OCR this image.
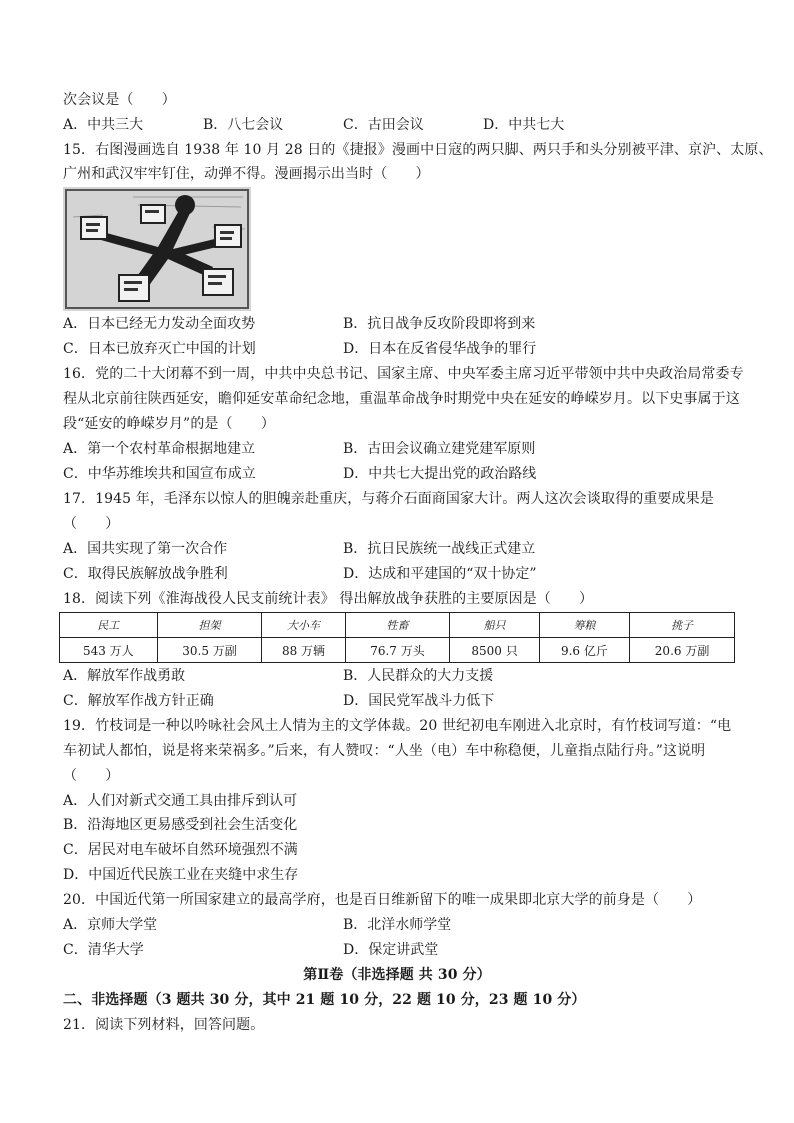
次会议是（　　）
A．中共三大	B．八七会议	C．古田会议	D．中共七大
15．右图漫画选自 1938 年 10 月 28 日的《捷报》漫画中日寇的两只脚、两只手和头分别被平津、京沪、太原、
广州和武汉牢牢钉住，动弹不得。漫画揭示出当时（　　）
A．日本已经无力发动全面攻势	B．抗日战争反攻阶段即将到来
C．日本已放弃灭亡中国的计划	D．日本在反省侵华战争的罪行
16．党的二十大闭幕不到一周，中共中央总书记、国家主席、中央军委主席习近平带领中共中央政治局常委专
程从北京前往陕西延安，瞻仰延安革命纪念地，重温革命战争时期党中央在延安的峥嵘岁月。以下史事属于这
段“延安的峥嵘岁月”的是（　　）
A．第一个农村革命根据地建立	B．古田会议确立建党建军原则
C．中华苏维埃共和国宣布成立	D．中共七大提出党的政治路线
17．1945 年，毛泽东以惊人的胆魄亲赴重庆，与蒋介石面商国家大计。两人这次会谈取得的重要成果是
（　　）
A．国共实现了第一次合作	B．抗日民族统一战线正式建立
C．取得民族解放战争胜利	D．达成和平建国的“双十协定”
18．阅读下列《淮海战役人民支前统计表》 得出解放战争获胜的主要原因是（　　）
民工	担架	大小车	牲畜	船只	筹粮	挑子
543 万人	30.5 万副	88 万辆	76.7 万头	8500 只	9.6 亿斤	20.6 万副
A．解放军作战勇敢	B．人民群众的大力支援
C．解放军作战方针正确	D．国民党军战斗力低下
19．竹枝词是一种以吟咏社会风土人情为主的文学体裁。20 世纪初电车刚进入北京时，有竹枝词写道：“电
车初试人都怕，说是将来荣祸多。”后来，有人赞叹：“人坐（电）车中称稳便，儿童指点陆行舟。”这说明
（　　）
A．人们对新式交通工具由排斥到认可
B．沿海地区更易感受到社会生活变化
C．居民对电车破坏自然环境强烈不满
D．中国近代民族工业在夹缝中求生存
20．中国近代第一所国家建立的最高学府，也是百日维新留下的唯一成果即北京大学的前身是（　　）
A．京师大学堂	B．北洋水师学堂
C．清华大学	D．保定讲武堂
第Ⅱ卷（非选择题 共 30 分）
二、非选择题（3 题共 30 分，其中 21 题 10 分，22 题 10 分，23 题 10 分）
21．阅读下列材料，回答问题。
